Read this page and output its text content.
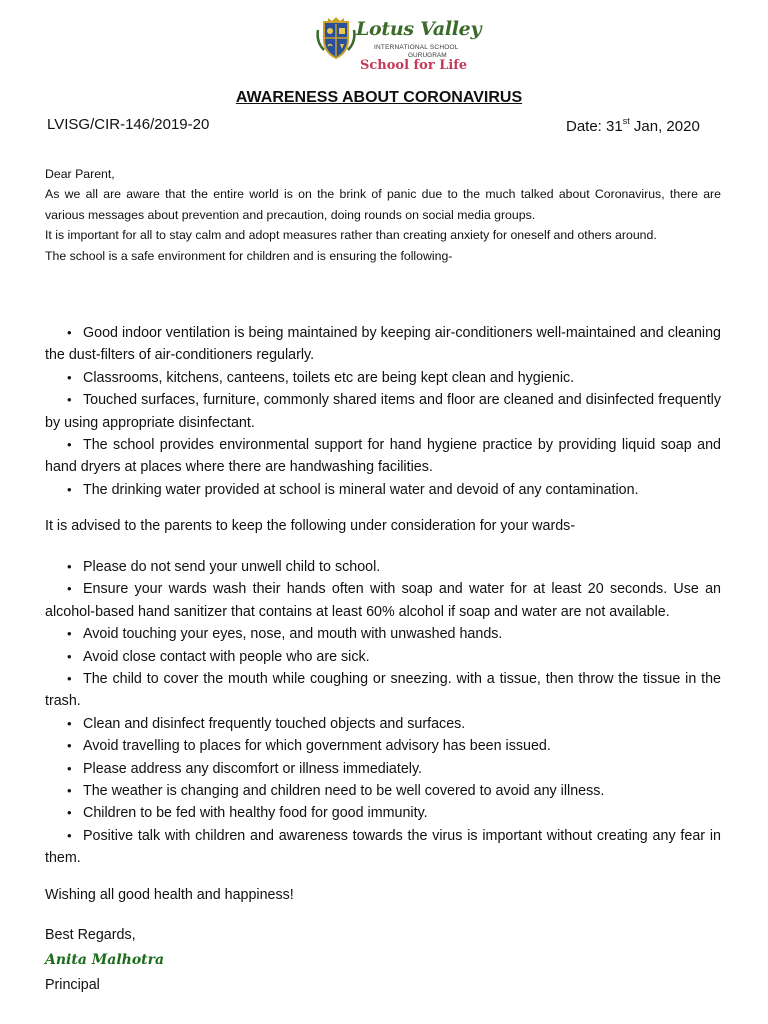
Lotus Valley
INTERNATIONAL SCHOOL
GURUGRAM
School for Life
AWARENESS ABOUT CORONAVIRUS
LVISG/CIR-146/2019-20	Date: 31st Jan, 2020

Dear Parent,

As we all are aware that the entire world is on the brink of panic due to the much talked about Coronavirus, there are various messages about prevention and precaution, doing rounds on social media groups.

It is important for all to stay calm and adopt measures rather than creating anxiety for oneself and others around.

The school is a safe environment for children and is ensuring the following-

• Good indoor ventilation is being maintained by keeping air-conditioners well-maintained and cleaning the dust-filters of air-conditioners regularly.
• Classrooms, kitchens, canteens, toilets etc are being kept clean and hygienic.
• Touched surfaces, furniture, commonly shared items and floor are cleaned and disinfected frequently by using appropriate disinfectant.
• The school provides environmental support for hand hygiene practice by providing liquid soap and hand dryers at places where there are handwashing facilities.
• The drinking water provided at school is mineral water and devoid of any contamination.
It is advised to the parents to keep the following under consideration for your wards-
• Please do not send your unwell child to school.
• Ensure your wards wash their hands often with soap and water for at least 20 seconds. Use an alcohol-based hand sanitizer that contains at least 60% alcohol if soap and water are not available.
• Avoid touching your eyes, nose, and mouth with unwashed hands.
• Avoid close contact with people who are sick.
• The child to cover the mouth while coughing or sneezing. with a tissue, then throw the tissue in the trash.
• Clean and disinfect frequently touched objects and surfaces.
• Avoid travelling to places for which government advisory has been issued.
• Please address any discomfort or illness immediately.
• The weather is changing and children need to be well covered to avoid any illness.
• Children to be fed with healthy food for good immunity.
• Positive talk with children and awareness towards the virus is important without creating any fear in them.
Wishing all good health and happiness!
Best Regards,
Anita Malhotra
Principal
